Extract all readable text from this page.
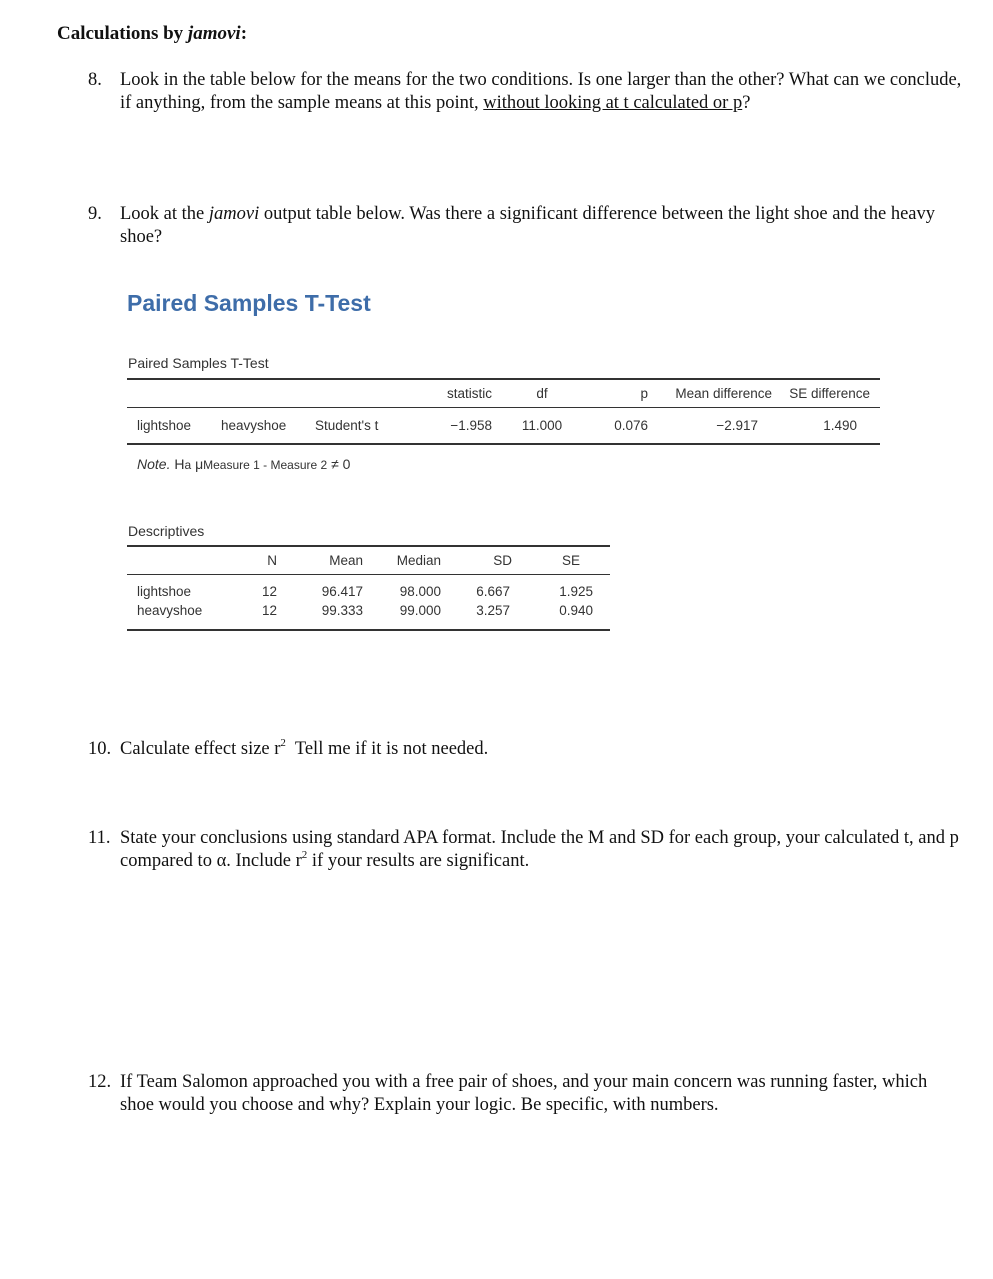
Calculations by jamovi:
8. Look in the table below for the means for the two conditions. Is one larger than the other? What can we conclude, if anything, from the sample means at this point, without looking at t calculated or p?
9. Look at the jamovi output table below. Was there a significant difference between the light shoe and the heavy shoe?
Paired Samples T-Test
Paired Samples T-Test
			statistic	df	p	Mean difference	SE difference
lightshoe	heavyshoe	Student's t	−1.958	11.000	0.076	−2.917	1.490
Note. Ha μMeasure 1 - Measure 2 ≠ 0
Descriptives
	N	Mean	Median	SD	SE
lightshoe	12	96.417	98.000	6.667	1.925
heavyshoe	12	99.333	99.000	3.257	0.940
10. Calculate effect size $r^2$  Tell me if it is not needed.
11. State your conclusions using standard APA format. Include the M and SD for each group, your calculated t, and p compared to α. Include $r^2$ if your results are significant.
12. If Team Salomon approached you with a free pair of shoes, and your main concern was running faster, which shoe would you choose and why? Explain your logic. Be specific, with numbers.
